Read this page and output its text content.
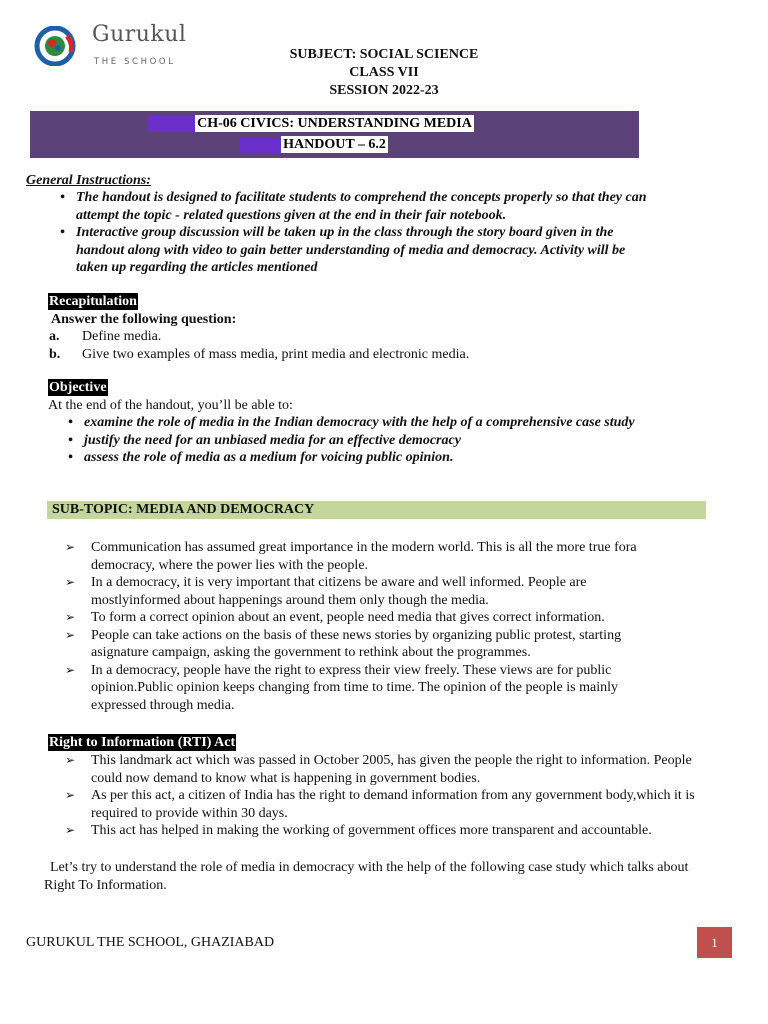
Gurukul
THE SCHOOL	SUBJECT: SOCIAL SCIENCE
CLASS VII
SESSION 2022-23
CH-06 CIVICS: UNDERSTANDING MEDIA
HANDOUT – 6.2
General Instructions:
• The handout is designed to facilitate students to comprehend the concepts properly so that they can attempt the topic - related questions given at the end in their fair notebook.
• Interactive group discussion will be taken up in the class through the story board given in the handout along with video to gain better understanding of media and democracy. Activity will be taken up regarding the articles mentioned
Recapitulation
Answer the following question:
a. Define media.
b. Give two examples of mass media, print media and electronic media.
Objective
At the end of the handout, you’ll be able to:
• examine the role of media in the Indian democracy with the help of a comprehensive case study
• justify the need for an unbiased media for an effective democracy
• assess the role of media as a medium for voicing public opinion.
SUB-TOPIC: MEDIA AND DEMOCRACY
➢ Communication has assumed great importance in the modern world. This is all the more true fora democracy, where the power lies with the people.
➢ In a democracy, it is very important that citizens be aware and well informed. People are mostlyinformed about happenings around them only though the media.
➢ To form a correct opinion about an event, people need media that gives correct information.
➢ People can take actions on the basis of these news stories by organizing public protest, starting asignature campaign, asking the government to rethink about the programmes.
➢ In a democracy, people have the right to express their view freely. These views are for public opinion.Public opinion keeps changing from time to time. The opinion of the people is mainly expressed through media.
Right to Information (RTI) Act
➢ This landmark act which was passed in October 2005, has given the people the right to information. People could now demand to know what is happening in government bodies.
➢ As per this act, a citizen of India has the right to demand information from any government body,which it is required to provide within 30 days.
➢ This act has helped in making the working of government offices more transparent and accountable.
Let’s try to understand the role of media in democracy with the help of the following case study which talks about Right To Information.
GURUKUL THE SCHOOL, GHAZIABAD	1
